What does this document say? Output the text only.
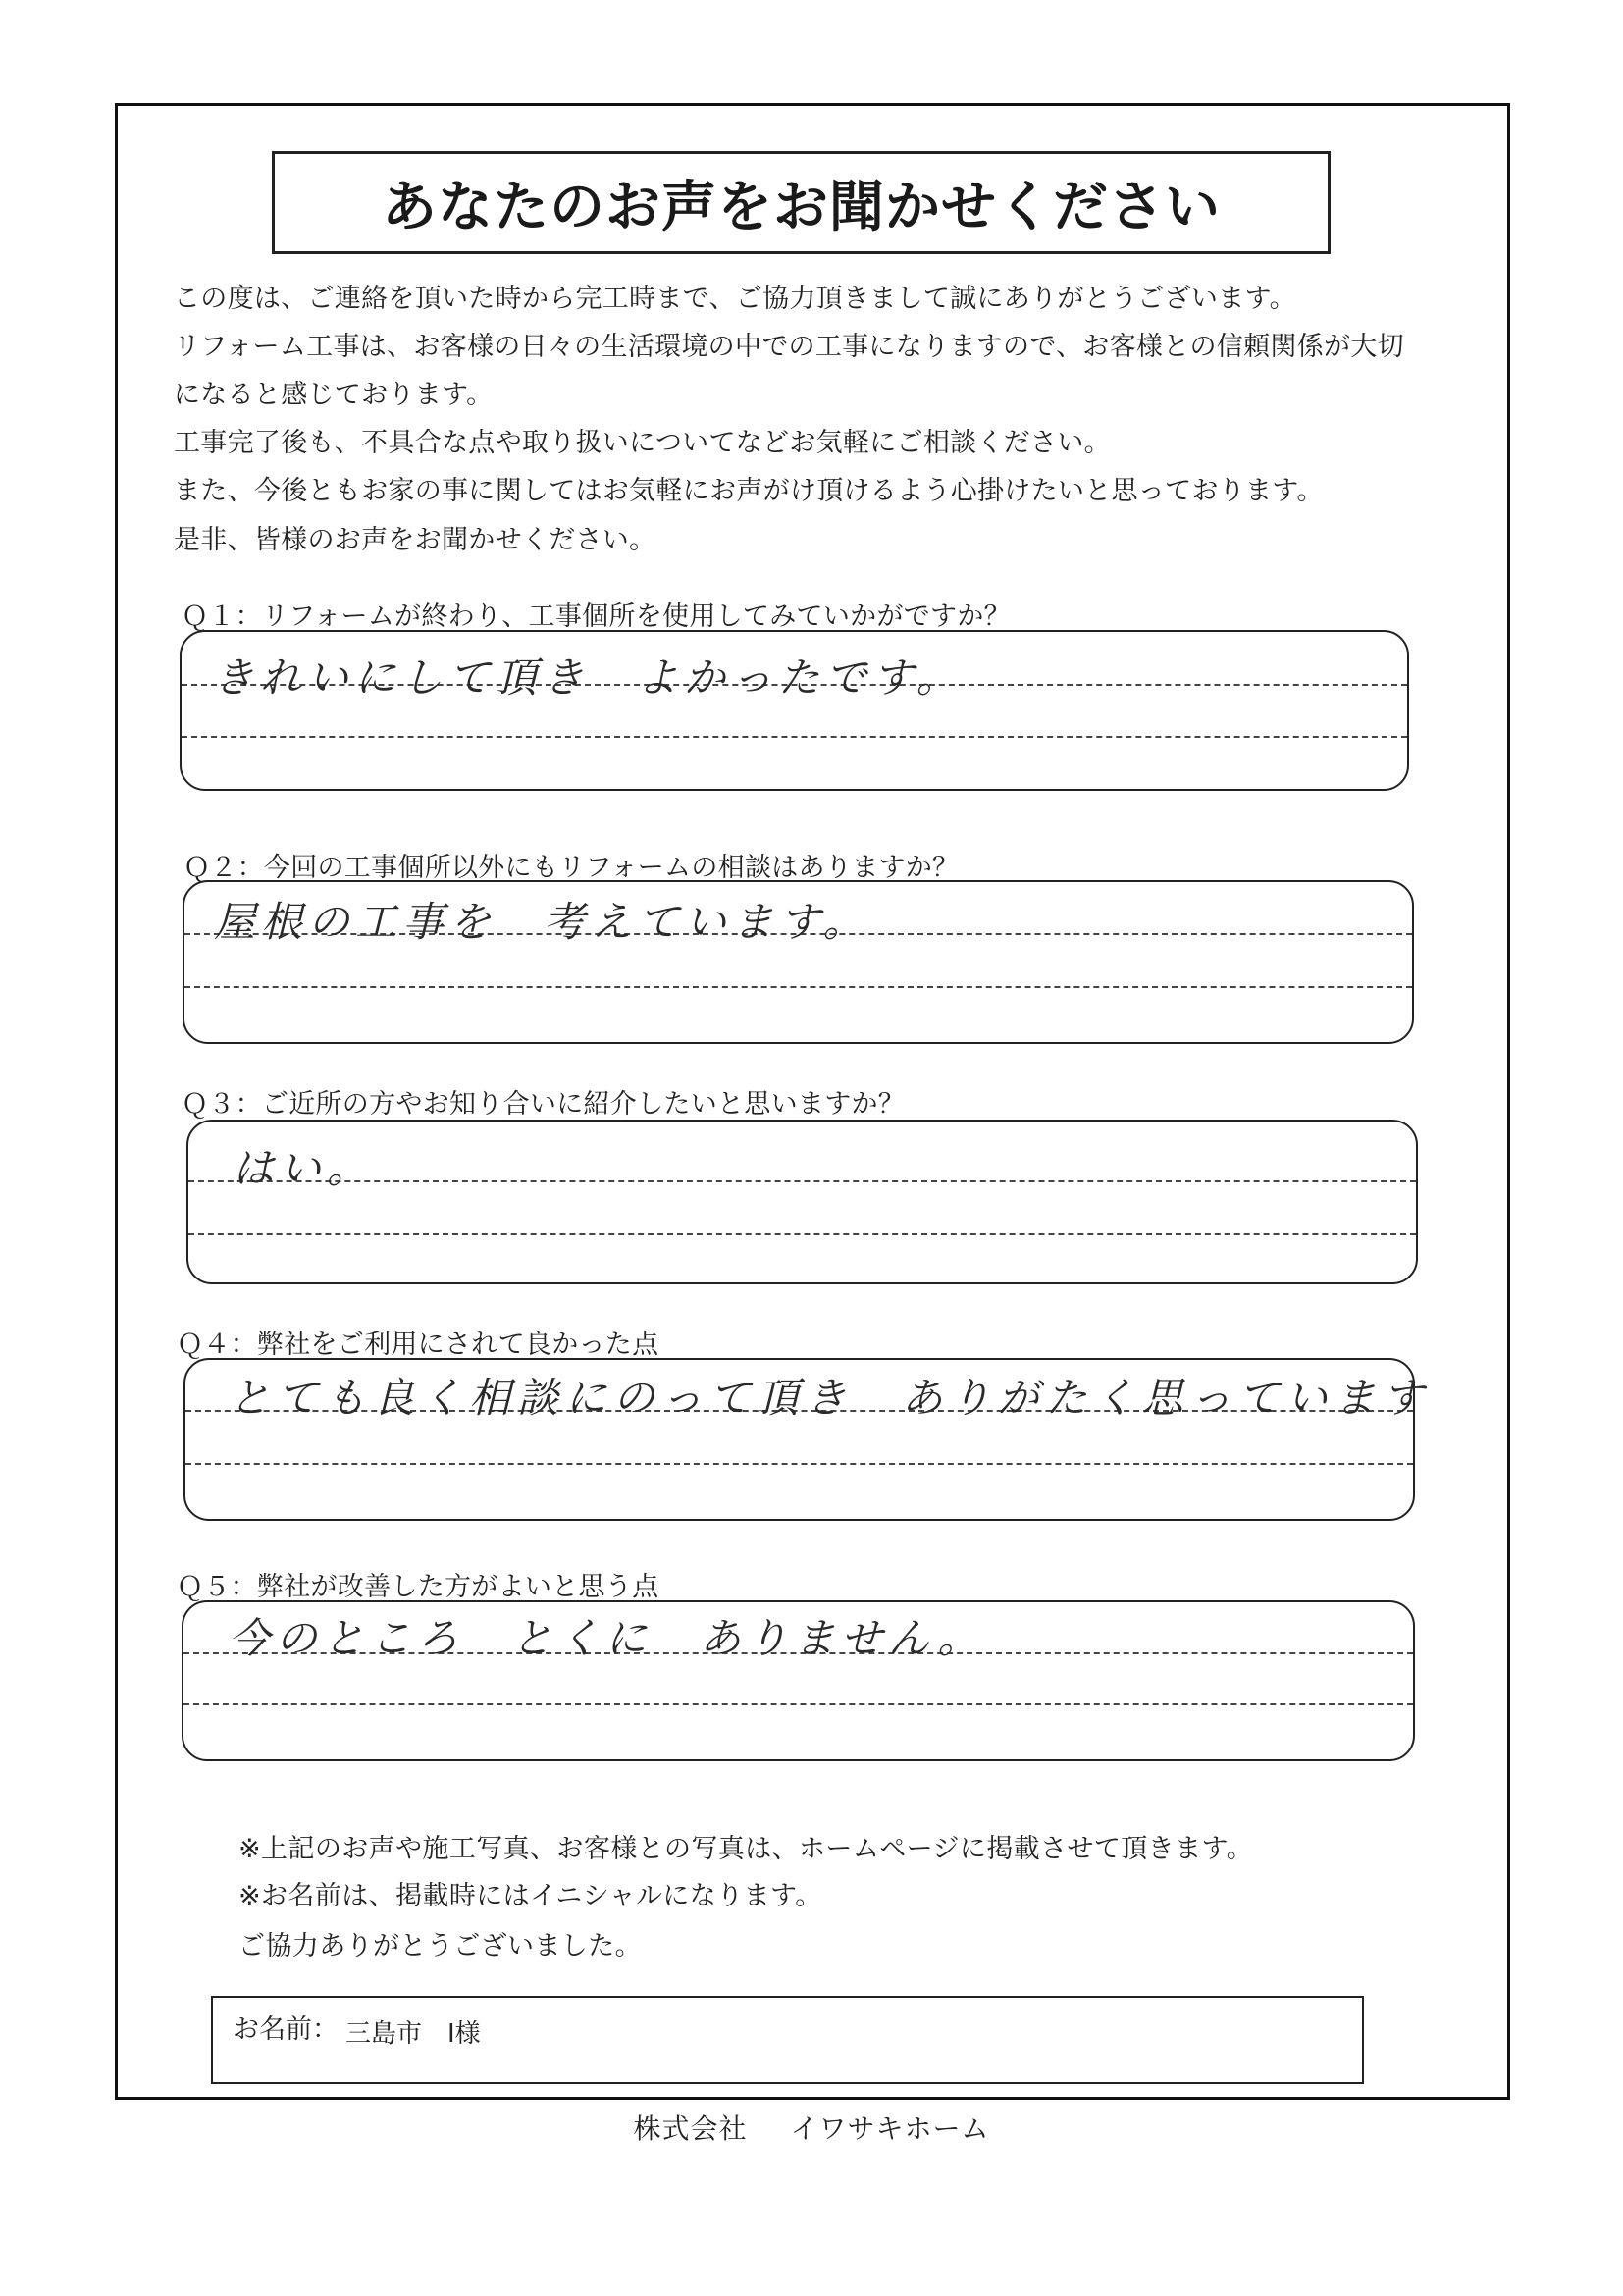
あなたのお声をお聞かせください
この度は、ご連絡を頂いた時から完工時まで、ご協力頂きまして誠にありがとうございます。
リフォーム工事は、お客様の日々の生活環境の中での工事になりますので、お客様との信頼関係が大切
になると感じております。
工事完了後も、不具合な点や取り扱いについてなどお気軽にご相談ください。
また、今後ともお家の事に関してはお気軽にお声がけ頂けるよう心掛けたいと思っております。
是非、皆様のお声をお聞かせください。
Ｑ１：リフォームが終わり、工事個所を使用してみていかがですか？
きれいにして頂き　よかったです。
Ｑ２：今回の工事個所以外にもリフォームの相談はありますか？
屋根の工事を　考えています。
Ｑ３：ご近所の方やお知り合いに紹介したいと思いますか？
はい。
Ｑ４：弊社をご利用にされて良かった点
とても良く相談にのって頂き　ありがたく思っています
Ｑ５：弊社が改善した方がよいと思う点
今のところ　とくに　ありません。
※上記のお声や施工写真、お客様との写真は、ホームページに掲載させて頂きます。
※お名前は、掲載時にはイニシャルになります。
ご協力ありがとうございました。
お名前： 三島市　I様
株式会社 イワサキホーム
